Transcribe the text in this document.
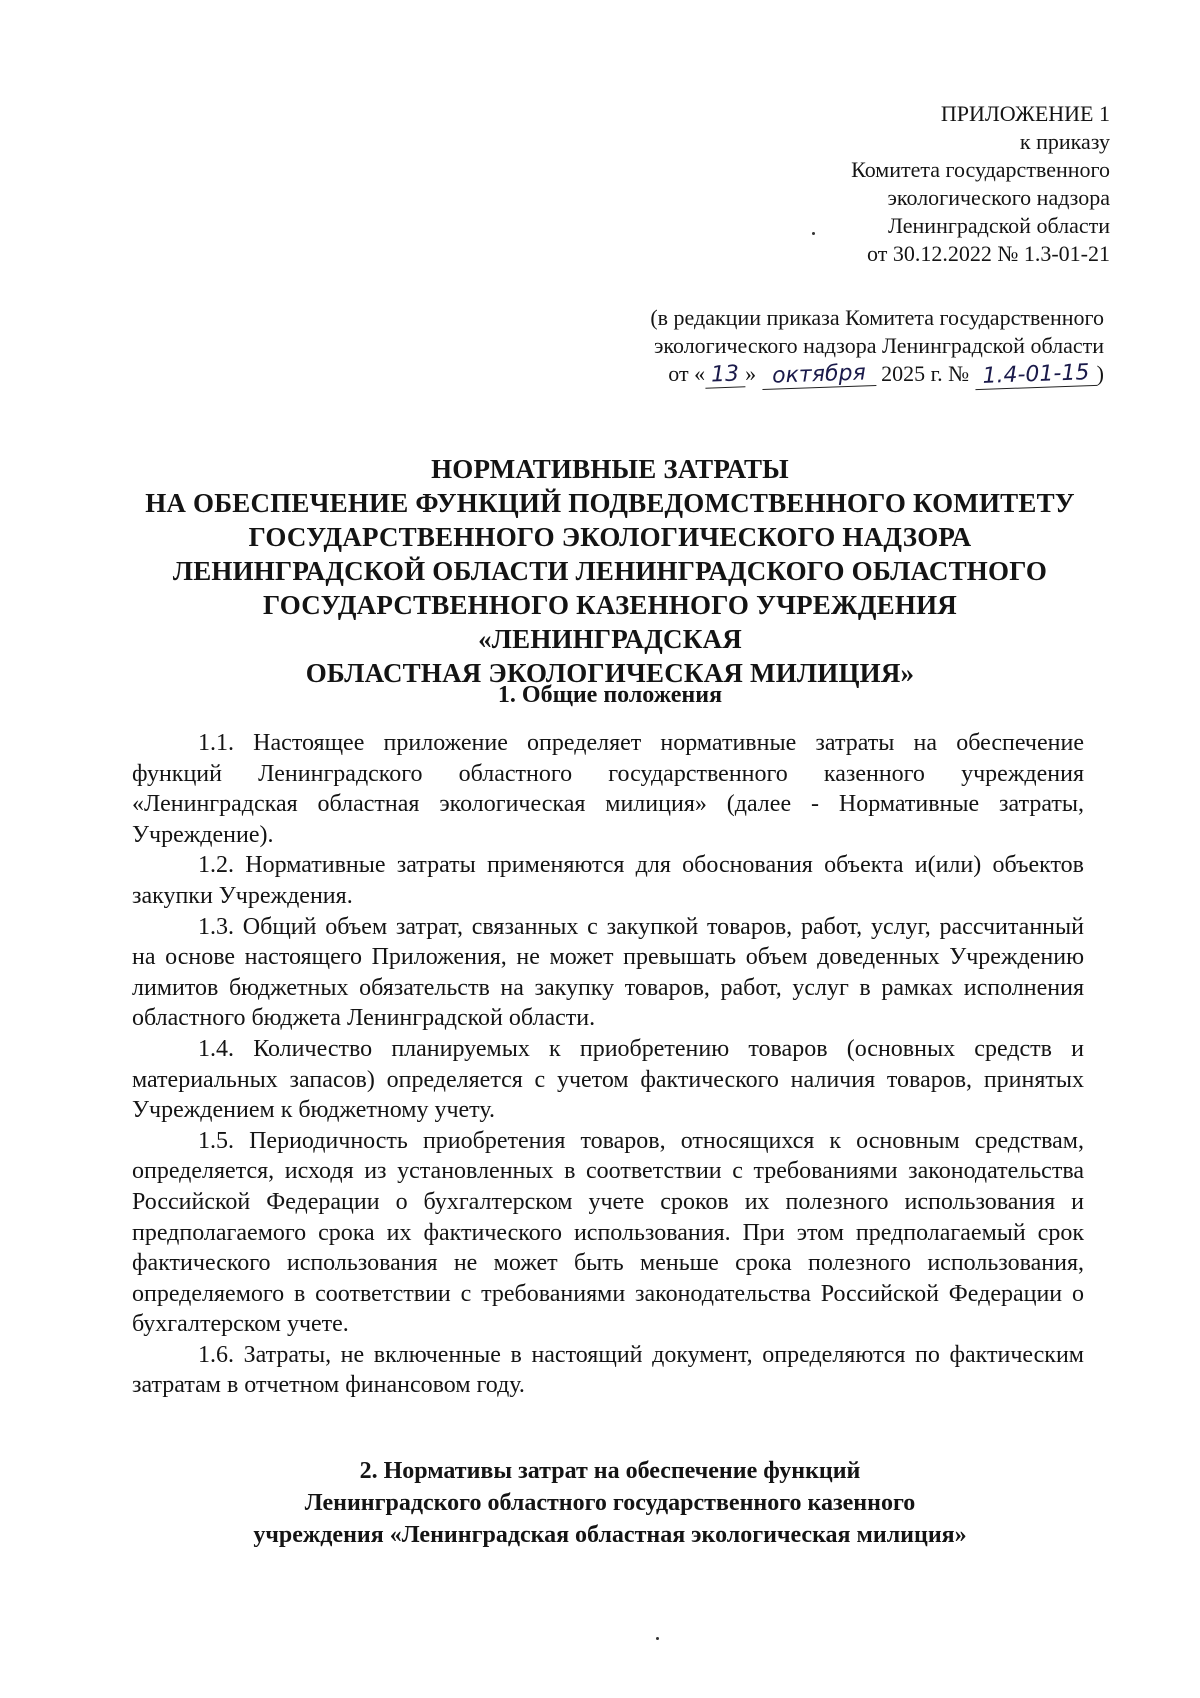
ПРИЛОЖЕНИЕ 1
к приказу
Комитета государственного
экологического надзора
Ленинградской области
от 30.12.2022 № 1.3-01-21
(в редакции приказа Комитета государственного
экологического надзора Ленинградской области
от « 13 » октября 2025 г. № 1.4-01-15 )
НОРМАТИВНЫЕ ЗАТРАТЫ
НА ОБЕСПЕЧЕНИЕ ФУНКЦИЙ ПОДВЕДОМСТВЕННОГО КОМИТЕТУ
ГОСУДАРСТВЕННОГО ЭКОЛОГИЧЕСКОГО НАДЗОРА
ЛЕНИНГРАДСКОЙ ОБЛАСТИ ЛЕНИНГРАДСКОГО ОБЛАСТНОГО
ГОСУДАРСТВЕННОГО КАЗЕННОГО УЧРЕЖДЕНИЯ «ЛЕНИНГРАДСКАЯ
ОБЛАСТНАЯ ЭКОЛОГИЧЕСКАЯ МИЛИЦИЯ»
1. Общие положения

1.1. Настоящее приложение определяет нормативные затраты на обеспечение функций Ленинградского областного государственного казенного учреждения «Ленинградская областная экологическая милиция» (далее - Нормативные затраты, Учреждение).

1.2. Нормативные затраты применяются для обоснования объекта и(или) объектов закупки Учреждения.

1.3. Общий объем затрат, связанных с закупкой товаров, работ, услуг, рассчитанный на основе настоящего Приложения, не может превышать объем доведенных Учреждению лимитов бюджетных обязательств на закупку товаров, работ, услуг в рамках исполнения областного бюджета Ленинградской области.

1.4. Количество планируемых к приобретению товаров (основных средств и материальных запасов) определяется с учетом фактического наличия товаров, принятых Учреждением к бюджетному учету.

1.5. Периодичность приобретения товаров, относящихся к основным средствам, определяется, исходя из установленных в соответствии с требованиями законодательства Российской Федерации о бухгалтерском учете сроков их полезного использования и предполагаемого срока их фактического использования. При этом предполагаемый срок фактического использования не может быть меньше срока полезного использования, определяемого в соответствии с требованиями законодательства Российской Федерации о бухгалтерском учете.

1.6. Затраты, не включенные в настоящий документ, определяются по фактическим затратам в отчетном финансовом году.

2. Нормативы затрат на обеспечение функций
Ленинградского областного государственного казенного
учреждения «Ленинградская областная экологическая милиция»
